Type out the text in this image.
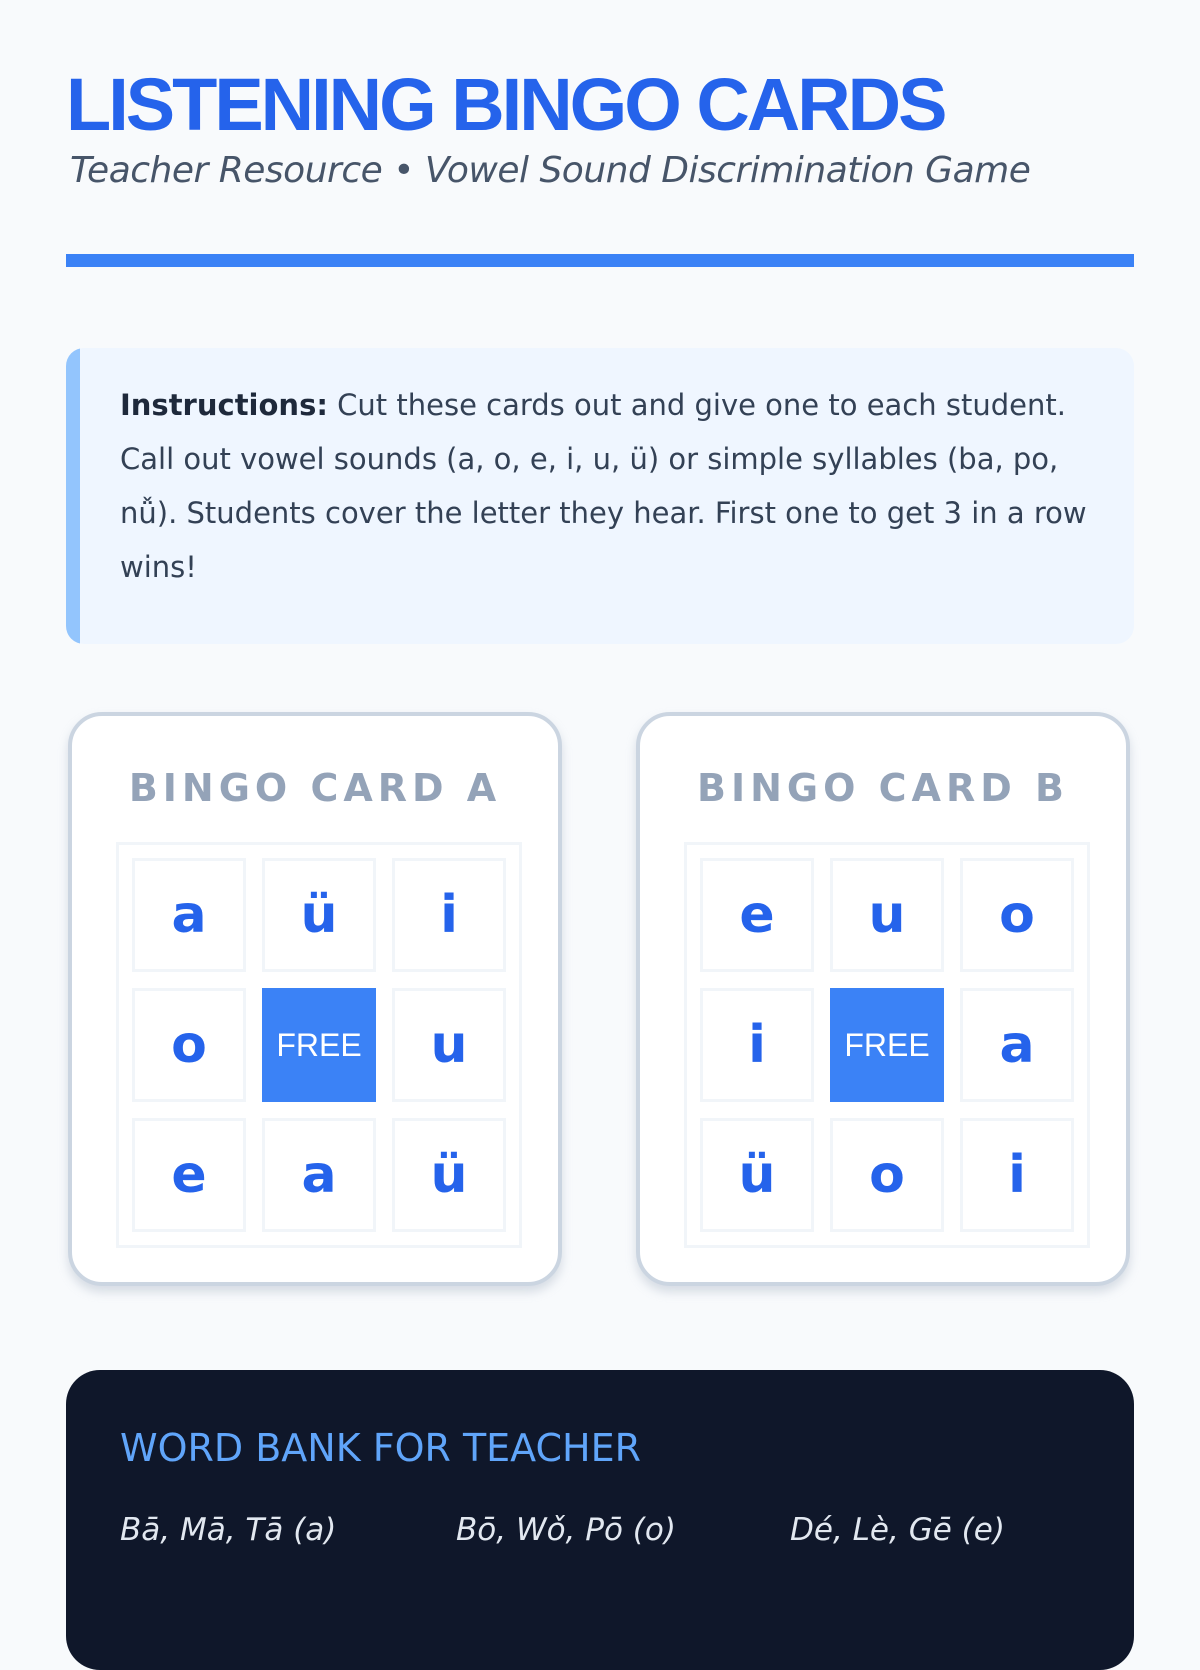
LISTENING BINGO CARDS
Teacher Resource • Vowel Sound Discrimination Game
Instructions: Cut these cards out and give one to each student. Call out vowel sounds (a, o, e, i, u, ü) or simple syllables (ba, po, nǚ). Students cover the letter they hear. First one to get 3 in a row wins!
BINGO CARD A
a	ü	i
o	FREE	u
e	a	ü
BINGO CARD B
e	u	o
i	FREE	a
ü	o	i
WORD BANK FOR TEACHER
Bā, Mā, Tā (a)	Bō, Wǒ, Pō (o)	Dé, Lè, Gē (e)
